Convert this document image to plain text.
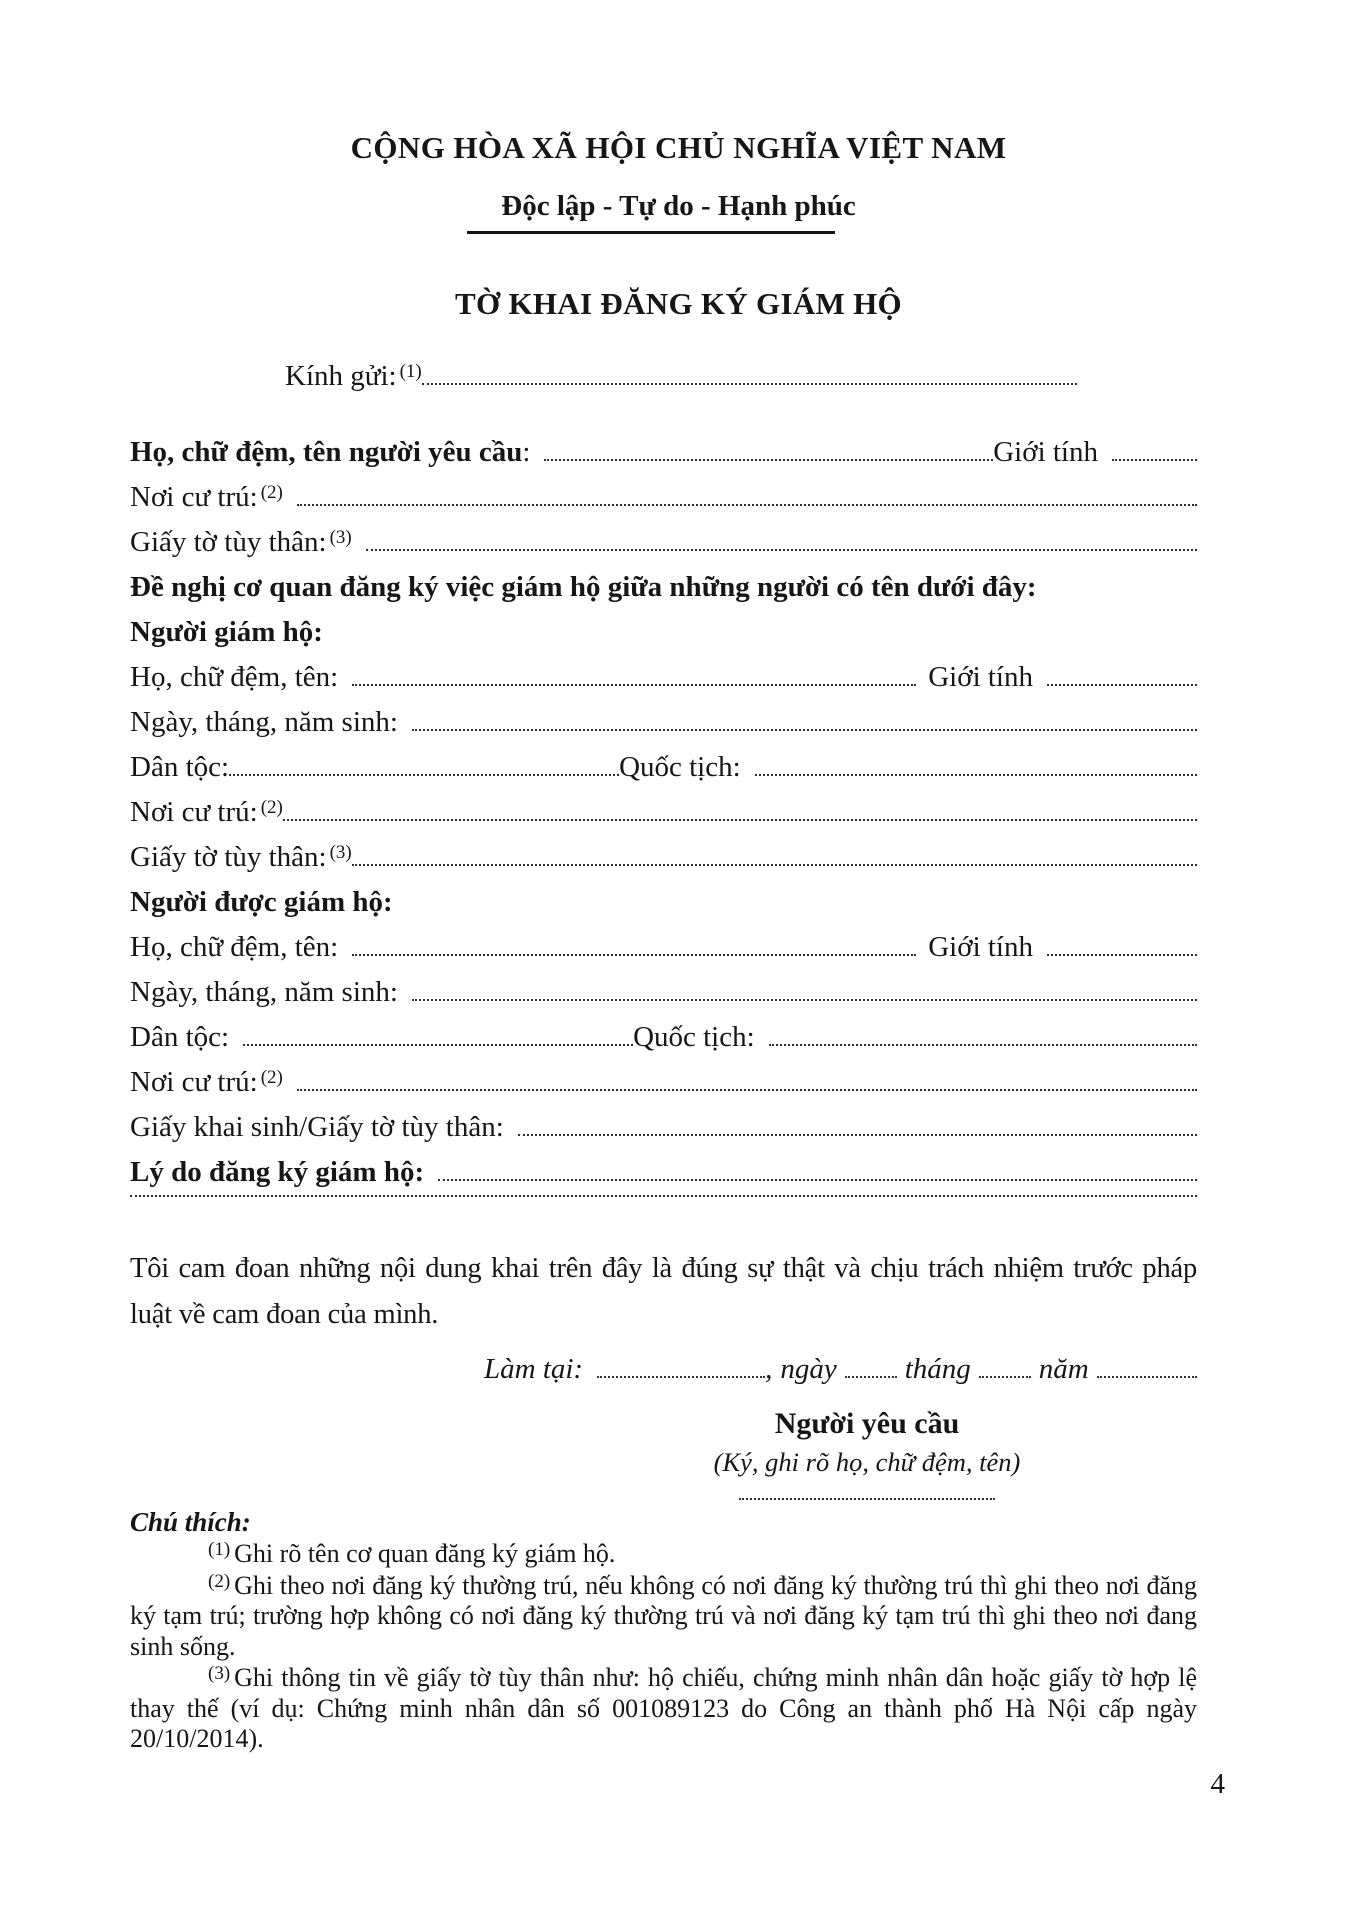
CỘNG HÒA XÃ HỘI CHỦ NGHĨA VIỆT NAM
Độc lập - Tự do - Hạnh phúc
TỜ KHAI ĐĂNG KÝ GIÁM HỘ
Kính gửi: $^{(1)}$
Họ, chữ đệm, tên người yêu cầu:	Giới tính
Nơi cư trú: $^{(2)}$
Giấy tờ tùy thân: $^{(3)}$
Đề nghị cơ quan đăng ký việc giám hộ giữa những người có tên dưới đây:
Người giám hộ:
Họ, chữ đệm, tên:	Giới tính
Ngày, tháng, năm sinh:
Dân tộc:	Quốc tịch:
Nơi cư trú: $^{(2)}$
Giấy tờ tùy thân: $^{(3)}$
Người được giám hộ:
Họ, chữ đệm, tên:	Giới tính
Ngày, tháng, năm sinh:
Dân tộc:	Quốc tịch:
Nơi cư trú: $^{(2)}$
Giấy khai sinh/Giấy tờ tùy thân:
Lý do đăng ký giám hộ:
Tôi cam đoan những nội dung khai trên đây là đúng sự thật và chịu trách nhiệm trước pháp luật về cam đoan của mình.
Làm tại:	, ngày tháng năm
Người yêu cầu
(Ký, ghi rõ họ, chữ đệm, tên)
Chú thích:
$^{(1)}$ Ghi rõ tên cơ quan đăng ký giám hộ.
$^{(2)}$ Ghi theo nơi đăng ký thường trú, nếu không có nơi đăng ký thường trú thì ghi theo nơi đăng ký tạm trú; trường hợp không có nơi đăng ký thường trú và nơi đăng ký tạm trú thì ghi theo nơi đang sinh sống.
$^{(3)}$ Ghi thông tin về giấy tờ tùy thân như: hộ chiếu, chứng minh nhân dân hoặc giấy tờ hợp lệ thay thế (ví dụ: Chứng minh nhân dân số 001089123 do Công an thành phố Hà Nội cấp ngày 20/10/2014).
4
